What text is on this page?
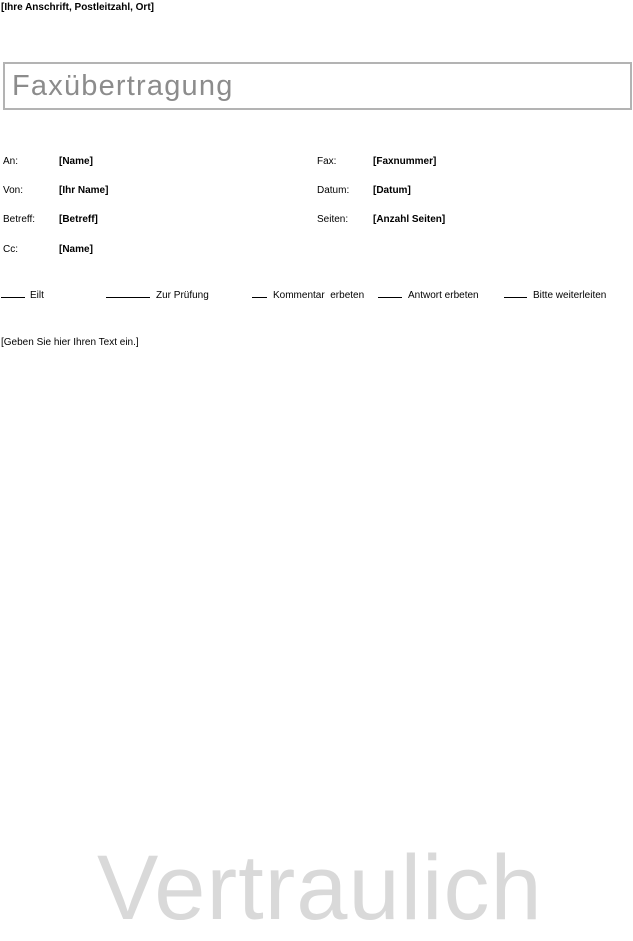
[Ihre Anschrift, Postleitzahl, Ort]
Faxübertragung
An:	[Name]
Von:	[Ihr Name]
Betreff: [Betreff]
Cc:	[Name]
Fax:	[Faxnummer]
Datum: [Datum]
Seiten: [Anzahl Seiten]
Eilt	Zur Prüfung	Kommentar  erbeten	Antwort erbeten	Bitte weiterleiten
[Geben Sie hier Ihren Text ein.]
Vertraulich
